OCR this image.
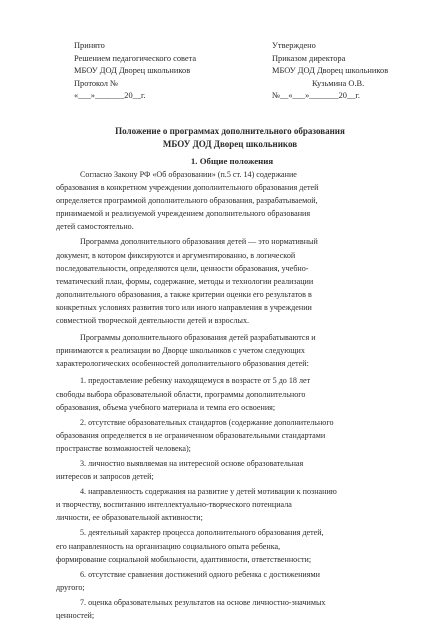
Принято
Решением педагогического совета
МБОУ ДОД Дворец школьников
Протокол №
«___»_______20__г.
Утверждено
Приказом директора
МБОУ ДОД Дворец школьников
Кузьмина О.В.
№__«___»_______20__г.
Положение о программах дополнительного образования
МБОУ ДОД Дворец школьников
1. Общие положения
Согласно Закону РФ «Об образовании» (п.5 ст. 14) содержание
образования в конкретном учреждении дополнительного образования детей
определяется программой дополнительного образования, разрабатываемой,
принимаемой и реализуемой учреждением дополнительного образования
детей самостоятельно.
Программа дополнительного образования детей — это нормативный
документ, в котором фиксируются и аргументированно, в логической
последовательности, определяются цели, ценности образования, учебно-
тематический план, формы, содержание, методы и технологии реализации
дополнительного образования, а также критерии оценки его результатов в
конкретных условиях развития того или иного направления в учреждении
совместной творческой деятельности детей и взрослых.
Программы дополнительного образования детей разрабатываются и
принимаются к реализации во Дворце школьников с учетом следующих
характерологических особенностей дополнительного образования детей:
1. предоставление ребенку находящемуся в возрасте от 5 до 18 лет
свободы выбора образовательной области, программы дополнительного
образования, объема учебного материала и темпа его освоения;
2. отсутствие образовательных стандартов (содержание дополнительного
образования определяется в не ограниченном образовательными стандартами
пространстве возможностей человека);
3. личностно выявляемая на интересной основе образовательная
интересов и запросов детей;
4. направленность содержания на развитие у детей мотивации к познанию
и творчеству, воспитанию интеллектуально-творческого потенциала
личности, ее образовательной активности;
5. деятельный характер процесса дополнительного образования детей,
его направленность на организацию социального опыта ребенка,
формирование социальной мобильности, адаптивности, ответственности;
6. отсутствие сравнения достижений одного ребенка с достижениями
другого;
7. оценка образовательных результатов на основе личностно-значимых
ценностей;
